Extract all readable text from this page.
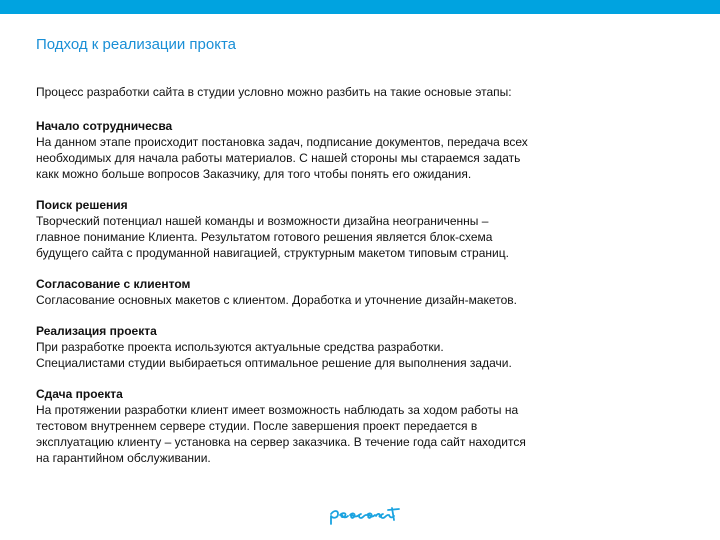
Подход к реализации прокта
Процесс разработки сайта в студии условно можно разбить на такие основые этапы:
Начало сотрудничесва
На данном этапе происходит постановка задач, подписание документов, передача всех
необходимых для начала работы материалов. С нашей стороны мы стараемся задать
какк можно больше вопросов Заказчику, для того чтобы понять его ожидания.
Поиск решения
Творческий потенциал нашей команды и возможности дизайна неограниченны –
главное понимание Клиента. Результатом готового решения является блок-схема
будущего сайта с продуманной навигацией, структурным макетом типовым страниц.
Согласование с клиентом
Согласование основных макетов с клиентом. Доработка и уточнение дизайн-макетов.
Реализация проекта
При разработке проекта используются актуальные средства разработки.
Специалистами студии выбираеться оптимальное решение для выполнения задачи.
Сдача проекта
На протяжении разработки клиент имеет возможность наблюдать за ходом работы на
тестовом внутреннем сервере студии. После завершения проект передается в
эксплуатацию клиенту – установка на сервер заказчика. В течение года сайт находится
на гарантийном обслуживании.
